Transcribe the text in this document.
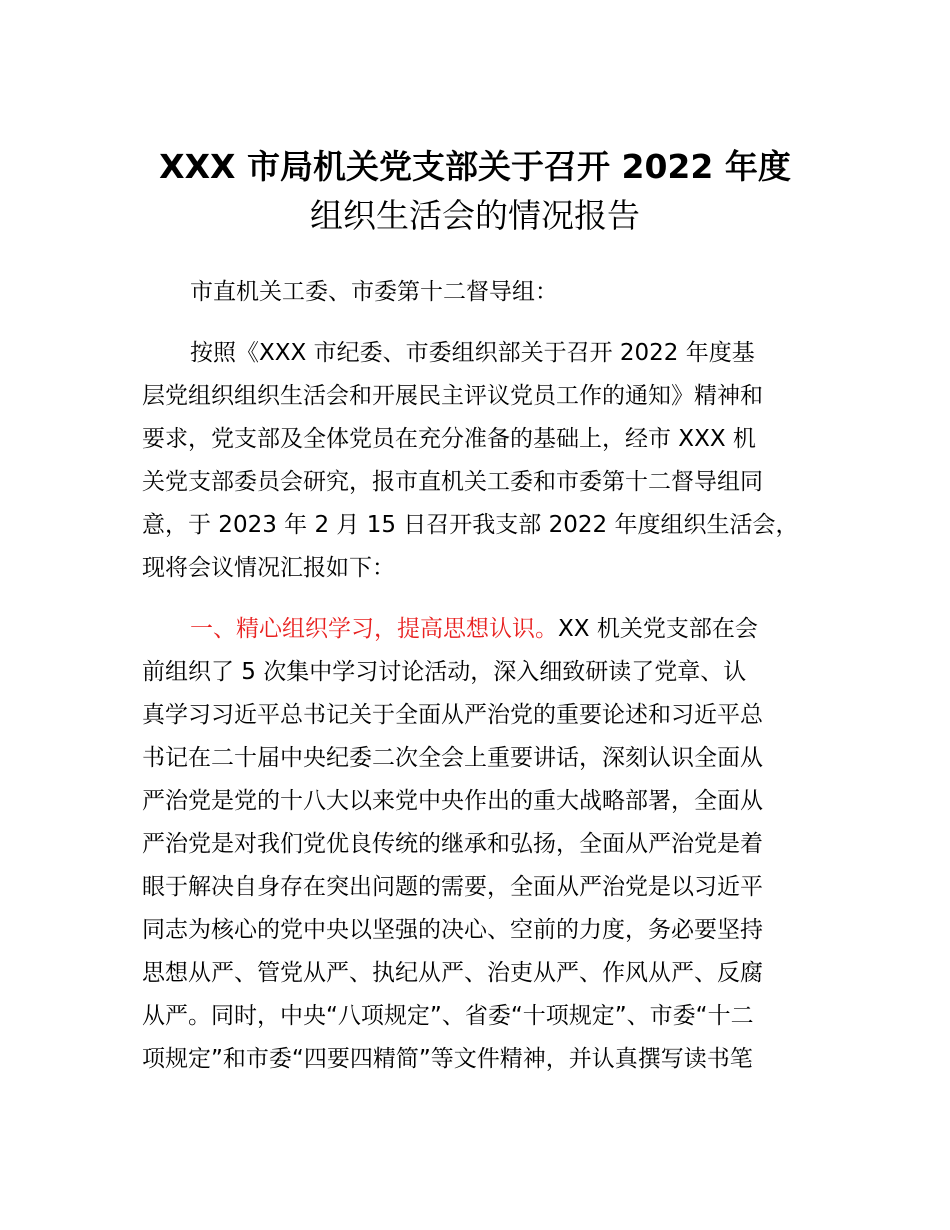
XXX 市局机关党支部关于召开 2022 年度
组织生活会的情况报告
市直机关工委、市委第十二督导组：
按照《XXX 市纪委、市委组织部关于召开 2022 年度基
层党组织组织生活会和开展民主评议党员工作的通知》精神和
要求，党支部及全体党员在充分准备的基础上，经市 XXX 机
关党支部委员会研究，报市直机关工委和市委第十二督导组同
意，于 2023 年 2 月 15 日召开我支部 2022 年度组织生活会，
现将会议情况汇报如下：
一、精心组织学习，提高思想认识。XX 机关党支部在会
前组织了 5 次集中学习讨论活动，深入细致研读了党章、认
真学习习近平总书记关于全面从严治党的重要论述和习近平总
书记在二十届中央纪委二次全会上重要讲话，深刻认识全面从
严治党是党的十八大以来党中央作出的重大战略部署，全面从
严治党是对我们党优良传统的继承和弘扬，全面从严治党是着
眼于解决自身存在突出问题的需要，全面从严治党是以习近平
同志为核心的党中央以坚强的决心、空前的力度，务必要坚持
思想从严、管党从严、执纪从严、治吏从严、作风从严、反腐
从严。同时，中央“八项规定”、省委“十项规定”、市委“十二
项规定”和市委“四要四精简”等文件精神，并认真撰写读书笔
